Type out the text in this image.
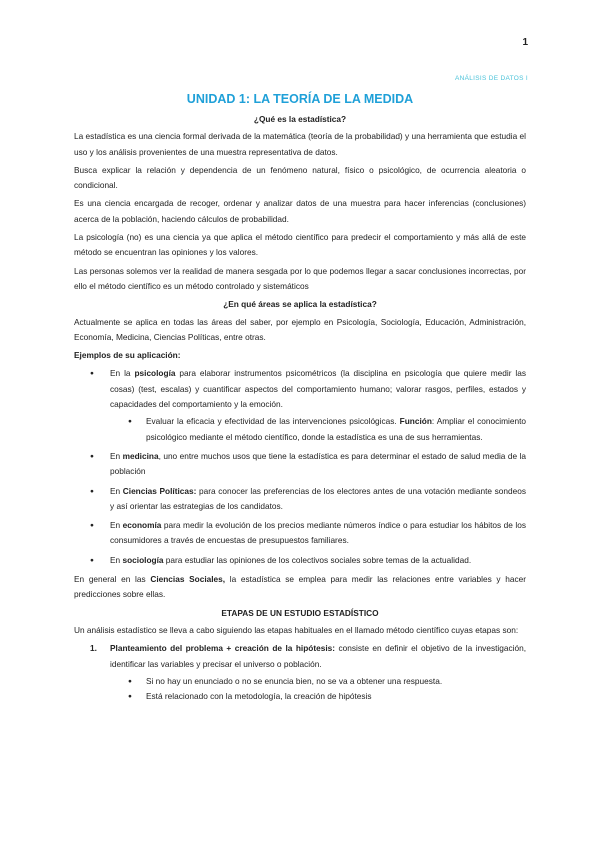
1
ANÁLISIS DE DATOS I
UNIDAD 1: LA TEORÍA DE LA MEDIDA
¿Qué es la estadística?

La estadística es una ciencia formal derivada de la matemática (teoría de la probabilidad) y una herramienta que estudia el uso y los análisis provenientes de una muestra representativa de datos.

Busca explicar la relación y dependencia de un fenómeno natural, físico o psicológico, de ocurrencia aleatoria o condicional.

Es una ciencia encargada de recoger, ordenar y analizar datos de una muestra para hacer inferencias (conclusiones) acerca de la población, haciendo cálculos de probabilidad.

La psicología (no) es una ciencia ya que aplica el método científico para predecir el comportamiento y más allá de este método se encuentran las opiniones y los valores.

Las personas solemos ver la realidad de manera sesgada por lo que podemos llegar a sacar conclusiones incorrectas, por ello el método científico es un método controlado y sistemáticos

¿En qué áreas se aplica la estadística?

Actualmente se aplica en todas las áreas del saber, por ejemplo en Psicología, Sociología, Educación, Administración, Economía, Medicina, Ciencias Políticas, entre otras.

Ejemplos de su aplicación:
● En la psicología para elaborar instrumentos psicométricos (la disciplina en psicología que quiere medir las cosas) (test, escalas) y cuantificar aspectos del comportamiento humano; valorar rasgos, perfiles, estados y capacidades del comportamiento y la emoción.
● Evaluar la eficacia y efectividad de las intervenciones psicológicas. Función: Ampliar el conocimiento psicológico mediante el método científico, donde la estadística es una de sus herramientas.
● En medicina, uno entre muchos usos que tiene la estadística es para determinar el estado de salud media de la población
● En Ciencias Políticas: para conocer las preferencias de los electores antes de una votación mediante sondeos y así orientar las estrategias de los candidatos.
● En economía para medir la evolución de los precios mediante números índice o para estudiar los hábitos de los consumidores a través de encuestas de presupuestos familiares.
● En sociología para estudiar las opiniones de los colectivos sociales sobre temas de la actualidad.

En general en las Ciencias Sociales, la estadística se emplea para medir las relaciones entre variables y hacer predicciones sobre ellas.

ETAPAS DE UN ESTUDIO ESTADÍSTICO

Un análisis estadístico se lleva a cabo siguiendo las etapas habituales en el llamado método científico cuyas etapas son:

1. Planteamiento del problema + creación de la hipótesis: consiste en definir el objetivo de la investigación, identificar las variables y precisar el universo o población.
● Si no hay un enunciado o no se enuncia bien, no se va a obtener una respuesta.
● Está relacionado con la metodología, la creación de hipótesis
